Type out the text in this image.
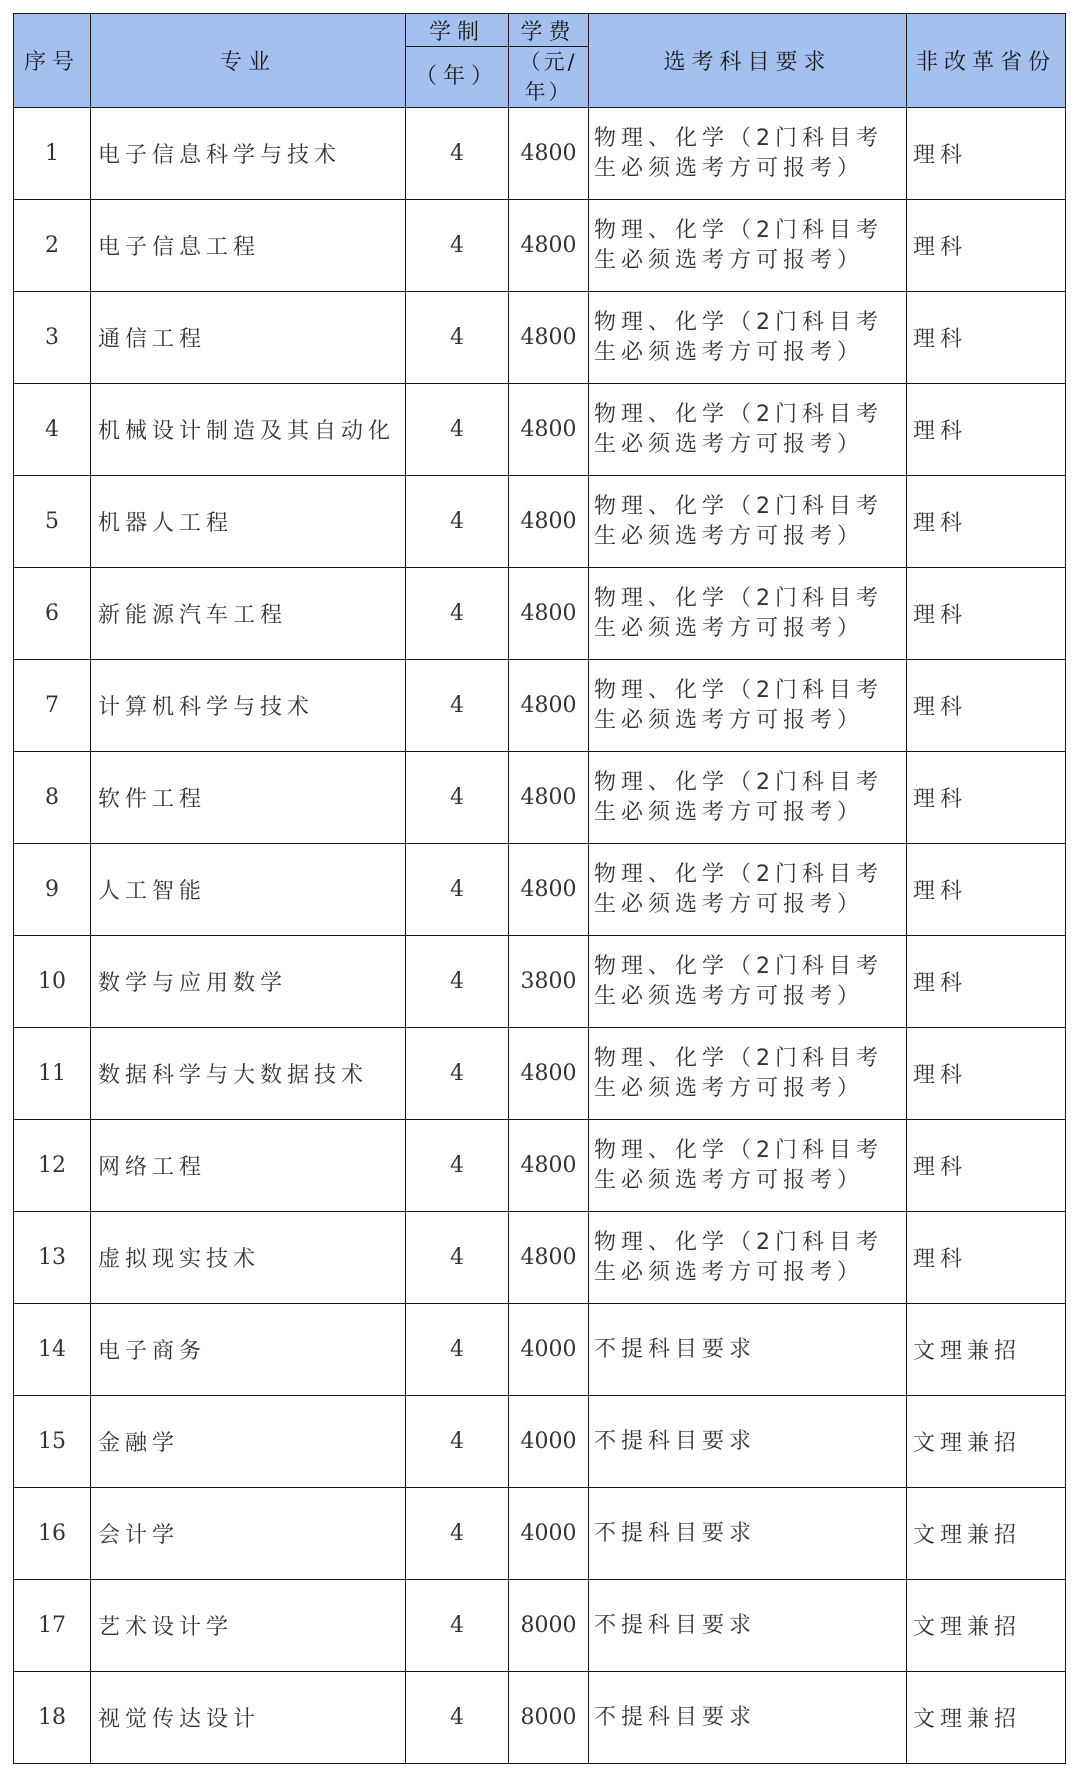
序号	专业	学制	学费	选考科目要求	非改革省份
		（年）	（元/年）		
1	电子信息科学与技术	4	4800	物理、化学（2门科目考生必须选考方可报考）	理科
2	电子信息工程	4	4800	物理、化学（2门科目考生必须选考方可报考）	理科
3	通信工程	4	4800	物理、化学（2门科目考生必须选考方可报考）	理科
4	机械设计制造及其自动化	4	4800	物理、化学（2门科目考生必须选考方可报考）	理科
5	机器人工程	4	4800	物理、化学（2门科目考生必须选考方可报考）	理科
6	新能源汽车工程	4	4800	物理、化学（2门科目考生必须选考方可报考）	理科
7	计算机科学与技术	4	4800	物理、化学（2门科目考生必须选考方可报考）	理科
8	软件工程	4	4800	物理、化学（2门科目考生必须选考方可报考）	理科
9	人工智能	4	4800	物理、化学（2门科目考生必须选考方可报考）	理科
10	数学与应用数学	4	3800	物理、化学（2门科目考生必须选考方可报考）	理科
11	数据科学与大数据技术	4	4800	物理、化学（2门科目考生必须选考方可报考）	理科
12	网络工程	4	4800	物理、化学（2门科目考生必须选考方可报考）	理科
13	虚拟现实技术	4	4800	物理、化学（2门科目考生必须选考方可报考）	理科
14	电子商务	4	4000	不提科目要求	文理兼招
15	金融学	4	4000	不提科目要求	文理兼招
16	会计学	4	4000	不提科目要求	文理兼招
17	艺术设计学	4	8000	不提科目要求	文理兼招
18	视觉传达设计	4	8000	不提科目要求	文理兼招
